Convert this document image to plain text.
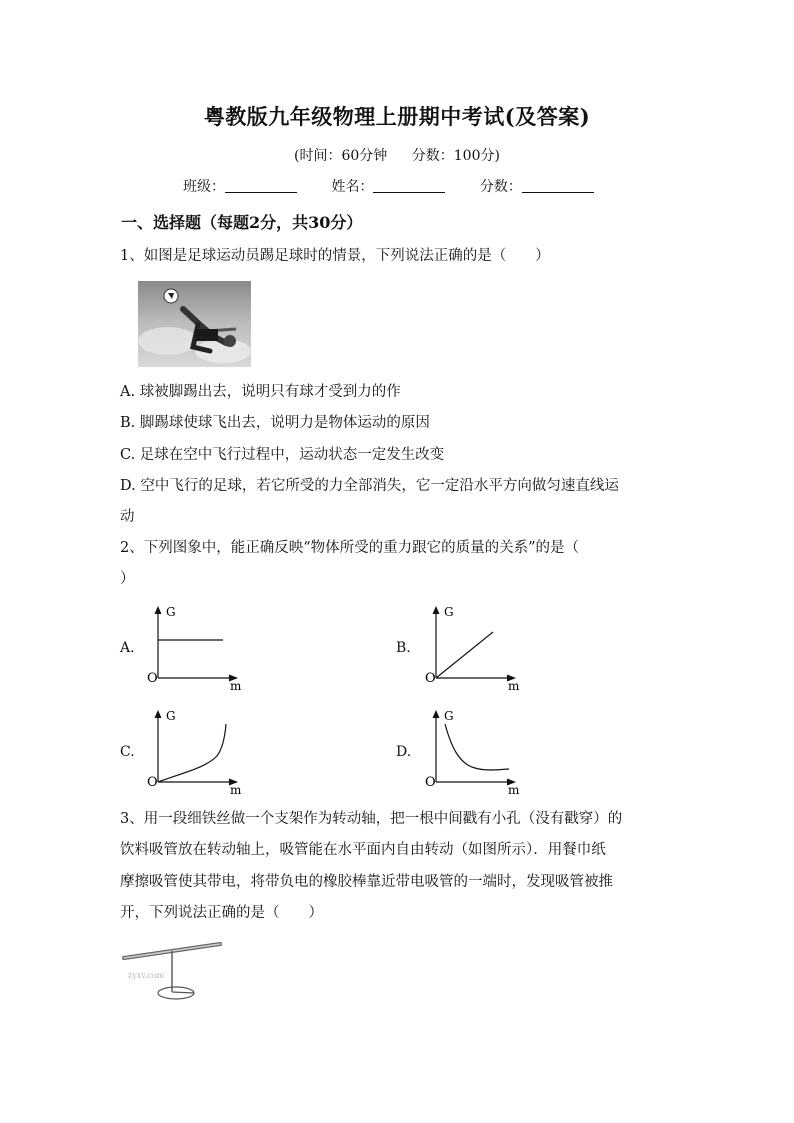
粤教版九年级物理上册期中考试(及答案)
(时间：60分钟 分数：100分)
班级：	姓名：	分数：
一、选择题（每题2分，共30分）
1、如图是足球运动员踢足球时的情景，下列说法正确的是（　　）
A. 球被脚踢出去，说明只有球才受到力的作
B. 脚踢球使球飞出去，说明力是物体运动的原因
C. 足球在空中飞行过程中，运动状态一定发生改变
D. 空中飞行的足球，若它所受的力全部消失，它一定沿水平方向做匀速直线运
动
2、下列图象中，能正确反映“物体所受的重力跟它的质量的关系”的是（
）
A.
G
O	m
B.
G
O	m
C.
G
O	m
D.
G
O	m
3、用一段细铁丝做一个支架作为转动轴，把一根中间戳有小孔（没有戳穿）的
饮料吸管放在转动轴上，吸管能在水平面内自由转动（如图所示）．用餐巾纸
摩擦吸管使其带电，将带负电的橡胶棒靠近带电吸管的一端时，发现吸管被推
开，下列说法正确的是（　　）
zyxv.com
